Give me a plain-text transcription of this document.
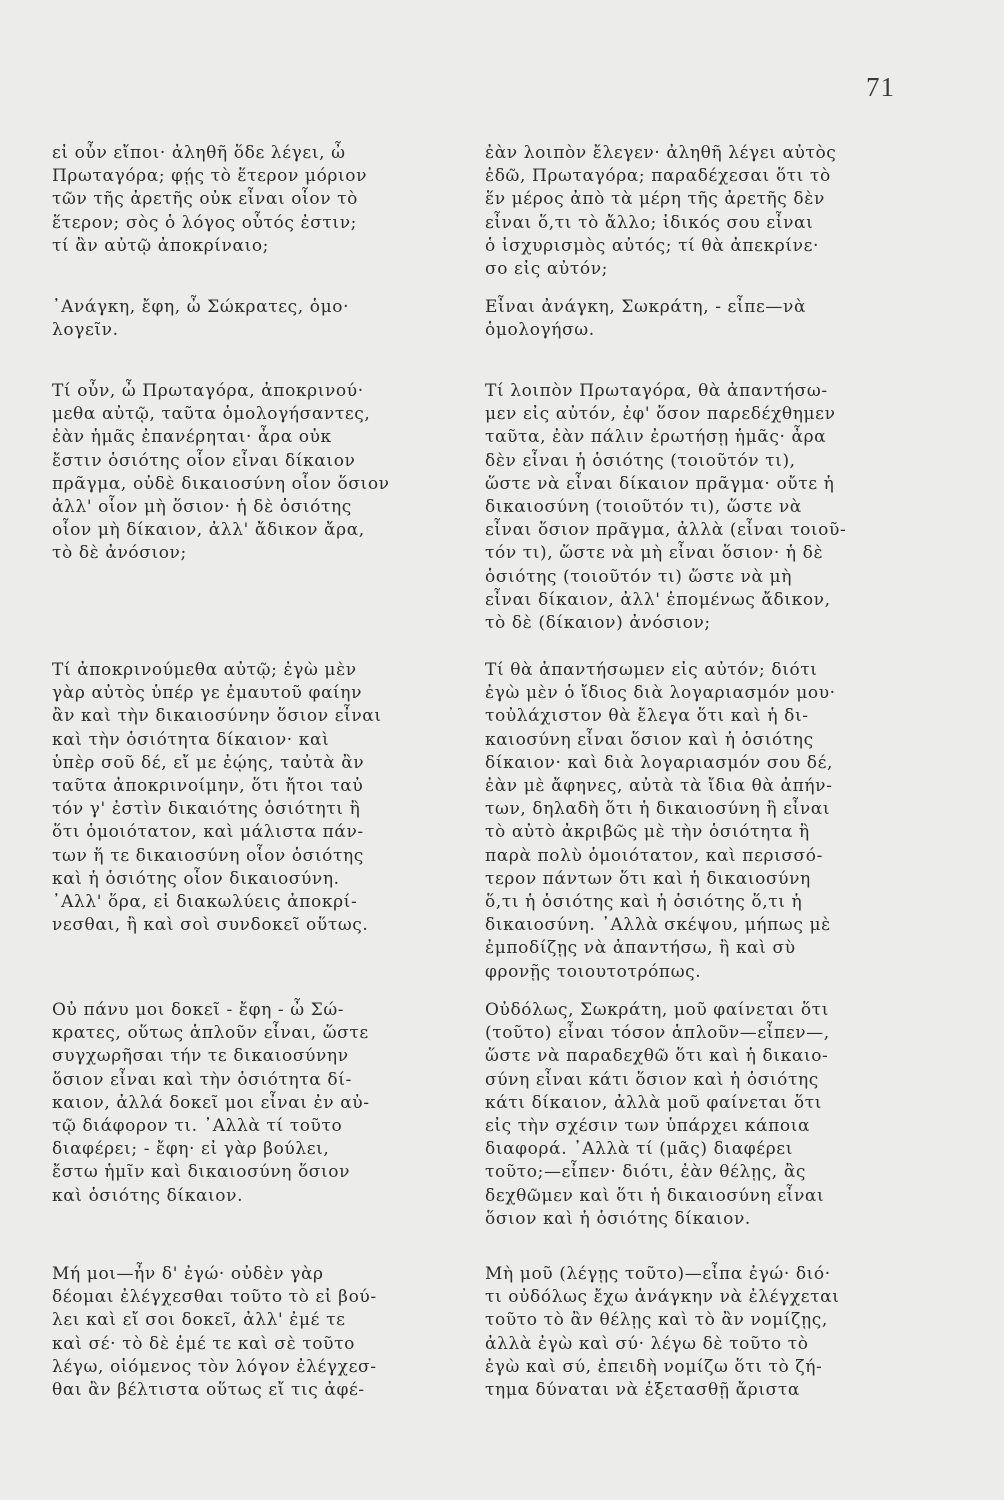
71

εἰ οὖν εἴποι· ἀληθῆ ὅδε λέγει, ὦ
Πρωταγόρα; φῄς τὸ ἕτερον μόριον
τῶν τῆς ἀρετῆς οὐκ εἶναι οἷον τὸ
ἕτερον; σὸς ὁ λόγος οὗτός ἐστιν;
τί ἂν αὐτῷ ἀποκρίναιο;

᾿Ανάγκη, ἔφη, ὦ Σώκρατες, ὁμο·
λογεῖν.

Τί οὖν, ὦ Πρωταγόρα, ἀποκρινού·
μεθα αὐτῷ, ταῦτα ὁμολογήσαντες,
ἐὰν ἡμᾶς ἐπανέρηται· ἆρα οὐκ
ἔστιν ὁσιότης οἷον εἶναι δίκαιον
πρᾶγμα, οὐδὲ δικαιοσύνη οἷον ὅσιον
ἀλλ' οἷον μὴ ὅσιον· ἡ δὲ ὁσιότης
οἷον μὴ δίκαιον, ἀλλ' ἄδικον ἄρα,
τὸ δὲ ἀνόσιον;

Τί ἀποκρινούμεθα αὐτῷ; ἐγὼ μὲν
γὰρ αὐτὸς ὑπέρ γε ἐμαυτοῦ φαίην
ἂν καὶ τὴν δικαιοσύνην ὅσιον εἶναι
καὶ τὴν ὁσιότητα δίκαιον· καὶ
ὑπὲρ σοῦ δέ, εἴ με ἐῴης, ταὐτὰ ἂν
ταῦτα ἀποκρινοίμην, ὅτι ἤτοι ταὐ
τόν γ' ἐστὶν δικαιότης ὁσιότητι ἢ
ὅτι ὁμοιότατον, καὶ μάλιστα πάν-
των ἥ τε δικαιοσύνη οἷον ὁσιότης
καὶ ἡ ὁσιότης οἷον δικαιοσύνη.
᾿Αλλ' ὅρα, εἰ διακωλύεις ἀποκρί-
νεσθαι, ἢ καὶ σοὶ συνδοκεῖ οὕτως.

Οὐ πάνυ μοι δοκεῖ - ἔφη - ὦ Σώ-
κρατες, οὕτως ἁπλοῦν εἶναι, ὥστε
συγχωρῆσαι τήν τε δικαιοσύνην
ὅσιον εἶναι καὶ τὴν ὁσιότητα δί-
καιον, ἀλλά δοκεῖ μοι εἶναι ἐν αὐ-
τῷ διάφορον τι. ᾿Αλλὰ τί τοῦτο
διαφέρει; - ἔφη· εἰ γὰρ βούλει,
ἔστω ἡμῖν καὶ δικαιοσύνη ὅσιον
καὶ ὁσιότης δίκαιον.

Μή μοι—ἦν δ' ἐγώ· οὐδὲν γὰρ
δέομαι ἐλέγχεσθαι τοῦτο τὸ εἰ βού-
λει καὶ εἴ σοι δοκεῖ, ἀλλ' ἐμέ τε
καὶ σέ· τὸ δὲ ἐμέ τε καὶ σὲ τοῦτο
λέγω, οἰόμενος τὸν λόγον ἐλέγχεσ-
θαι ἂν βέλτιστα οὕτως εἴ τις ἀφέ-

ἐὰν λοιπὸν ἔλεγεν· ἀληθῆ λέγει αὐτὸς
ἐδῶ, Πρωταγόρα; παραδέχεσαι ὅτι τὸ
ἕν μέρος ἀπὸ τὰ μέρη τῆς ἀρετῆς δὲν
εἶναι ὅ,τι τὸ ἄλλο; ἰδικός σου εἶναι
ὁ ἰσχυρισμὸς αὐτός; τί θὰ ἀπεκρίνε·
σο εἰς αὐτόν;

Εἶναι ἀνάγκη, Σωκράτη, - εἶπε—νὰ
ὁμολογήσω.

Τί λοιπὸν Πρωταγόρα, θὰ ἀπαντήσω-
μεν εἰς αὐτόν, ἐφ' ὅσον παρεδέχθημεν
ταῦτα, ἐὰν πάλιν ἐρωτήσῃ ἡμᾶς· ἆρα
δὲν εἶναι ἡ ὁσιότης (τοιοῦτόν τι),
ὥστε νὰ εἶναι δίκαιον πρᾶγμα· οὔτε ἡ
δικαιοσύνη (τοιοῦτόν τι), ὥστε νὰ
εἶναι ὅσιον πρᾶγμα, ἀλλὰ (εἶναι τοιοῦ-
τόν τι), ὥστε νὰ μὴ εἶναι ὅσιον· ἡ δὲ
ὁσιότης (τοιοῦτόν τι) ὥστε νὰ μὴ
εἶναι δίκαιον, ἀλλ' ἑπομένως ἄδικον,
τὸ δὲ (δίκαιον) ἀνόσιον;

Τί θὰ ἀπαντήσωμεν εἰς αὐτόν; διότι
ἐγὼ μὲν ὁ ἴδιος διὰ λογαριασμόν μου·
τοὐλάχιστον θὰ ἔλεγα ὅτι καὶ ἡ δι-
καιοσύνη εἶναι ὅσιον καὶ ἡ ὁσιότης
δίκαιον· καὶ διὰ λογαριασμόν σου δέ,
ἐὰν μὲ ἄφηνες, αὐτὰ τὰ ἴδια θὰ ἀπήν-
των, δηλαδὴ ὅτι ἡ δικαιοσύνη ἢ εἶναι
τὸ αὐτὸ ἀκριβῶς μὲ τὴν ὁσιότητα ἢ
παρὰ πολὺ ὁμοιότατον, καὶ περισσό-
τερον πάντων ὅτι καὶ ἡ δικαιοσύνη
ὅ,τι ἡ ὁσιότης καὶ ἡ ὁσιότης ὅ,τι ἡ
δικαιοσύνη. ᾿Αλλὰ σκέψου, μήπως μὲ
ἐμποδίζῃς νὰ ἀπαντήσω, ἢ καὶ σὺ
φρονῇς τοιουτοτρόπως.

Οὐδόλως, Σωκράτη, μοῦ φαίνεται ὅτι
(τοῦτο) εἶναι τόσον ἁπλοῦν—εἶπεν—,
ὥστε νὰ παραδεχθῶ ὅτι καὶ ἡ δικαιο-
σύνη εἶναι κάτι ὅσιον καὶ ἡ ὁσιότης
κάτι δίκαιον, ἀλλὰ μοῦ φαίνεται ὅτι
εἰς τὴν σχέσιν των ὑπάρχει κάποια
διαφορά. ᾿Αλλὰ τί (μᾶς) διαφέρει
τοῦτο;—εἶπεν· διότι, ἐὰν θέλῃς, ἂς
δεχθῶμεν καὶ ὅτι ἡ δικαιοσύνη εἶναι
ὅσιον καὶ ἡ ὁσιότης δίκαιον.

Μὴ μοῦ (λέγῃς τοῦτο)—εἶπα ἐγώ· διό·
τι οὐδόλως ἔχω ἀνάγκην νὰ ἐλέγχεται
τοῦτο τὸ ἂν θέλῃς καὶ τὸ ἂν νομίζῃς,
ἀλλὰ ἐγὼ καὶ σύ· λέγω δὲ τοῦτο τὸ
ἐγὼ καὶ σύ, ἐπειδὴ νομίζω ὅτι τὸ ζή-
τημα δύναται νὰ ἐξετασθῇ ἄριστα
